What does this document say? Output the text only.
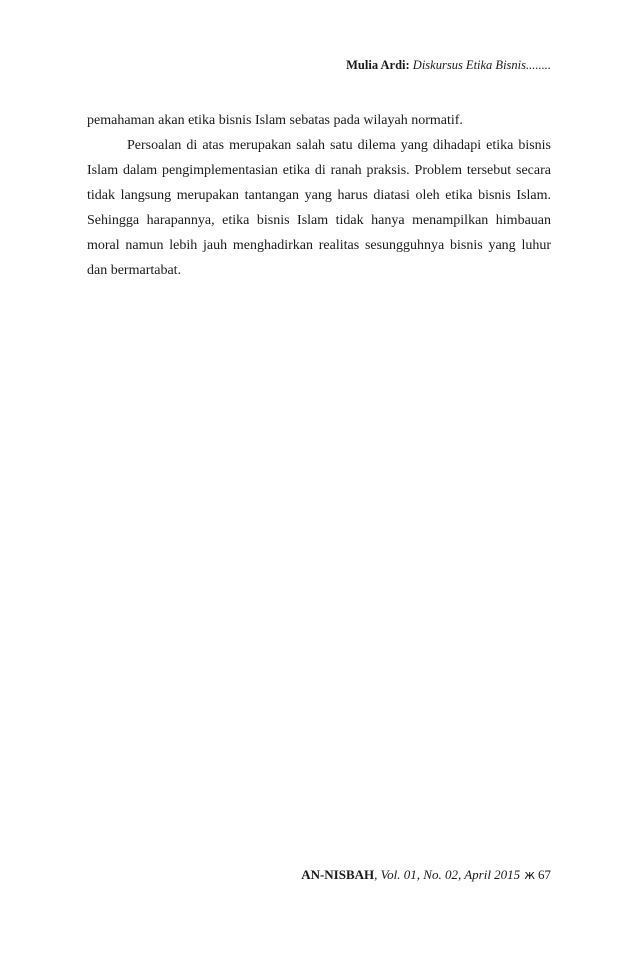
Mulia Ardi: Diskursus Etika Bisnis........

pemahaman akan etika bisnis Islam sebatas pada wilayah normatif.

Persoalan di atas merupakan salah satu dilema yang dihadapi etika bisnis Islam dalam pengimplementasian etika di ranah praksis. Problem tersebut secara tidak langsung merupakan tantangan yang harus diatasi oleh etika bisnis Islam. Sehingga harapannya, etika bisnis Islam tidak hanya menampilkan himbauan moral namun lebih jauh menghadirkan realitas sesungguhnya bisnis yang luhur dan bermartabat.

AN-NISBAH, Vol. 01, No. 02, April 2015 ж 67
